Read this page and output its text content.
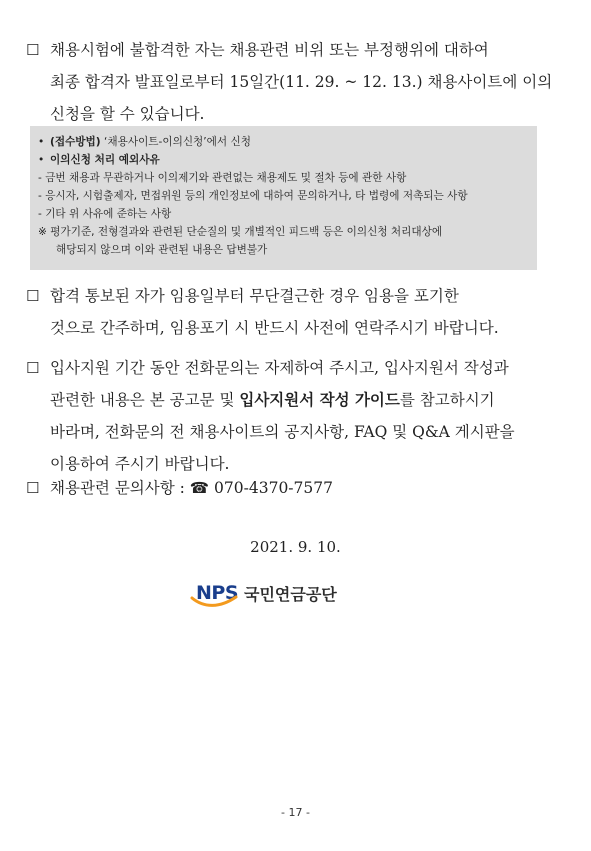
☐ 채용시험에 불합격한 자는 채용관련 비위 또는 부정행위에 대하여
최종 합격자 발표일로부터 15일간(11. 29. ~ 12. 13.) 채용사이트에 이의
신청을 할 수 있습니다.
• (접수방법) ‘채용사이트-이의신청’에서 신청
• 이의신청 처리 예외사유
- 금번 채용과 무관하거나 이의제기와 관련없는 채용제도 및 절차 등에 관한 사항
- 응시자, 시험출제자, 면접위원 등의 개인정보에 대하여 문의하거나, 타 법령에 저촉되는 사항
- 기타 위 사유에 준하는 사항
※ 평가기준, 전형결과와 관련된 단순질의 및 개별적인 피드백 등은 이의신청 처리대상에
해당되지 않으며 이와 관련된 내용은 답변불가
☐ 합격 통보된 자가 임용일부터 무단결근한 경우 임용을 포기한
것으로 간주하며, 임용포기 시 반드시 사전에 연락주시기 바랍니다.
☐ 입사지원 기간 동안 전화문의는 자제하여 주시고, 입사지원서 작성과
관련한 내용은 본 공고문 및 입사지원서 작성 가이드를 참고하시기
바라며, 전화문의 전 채용사이트의 공지사항, FAQ 및 Q&A 게시판을
이용하여 주시기 바랍니다.
☐ 채용관련 문의사항 : ☎ 070-4370-7577
2021. 9. 10.
NPS 국민연금공단
- 17 -
